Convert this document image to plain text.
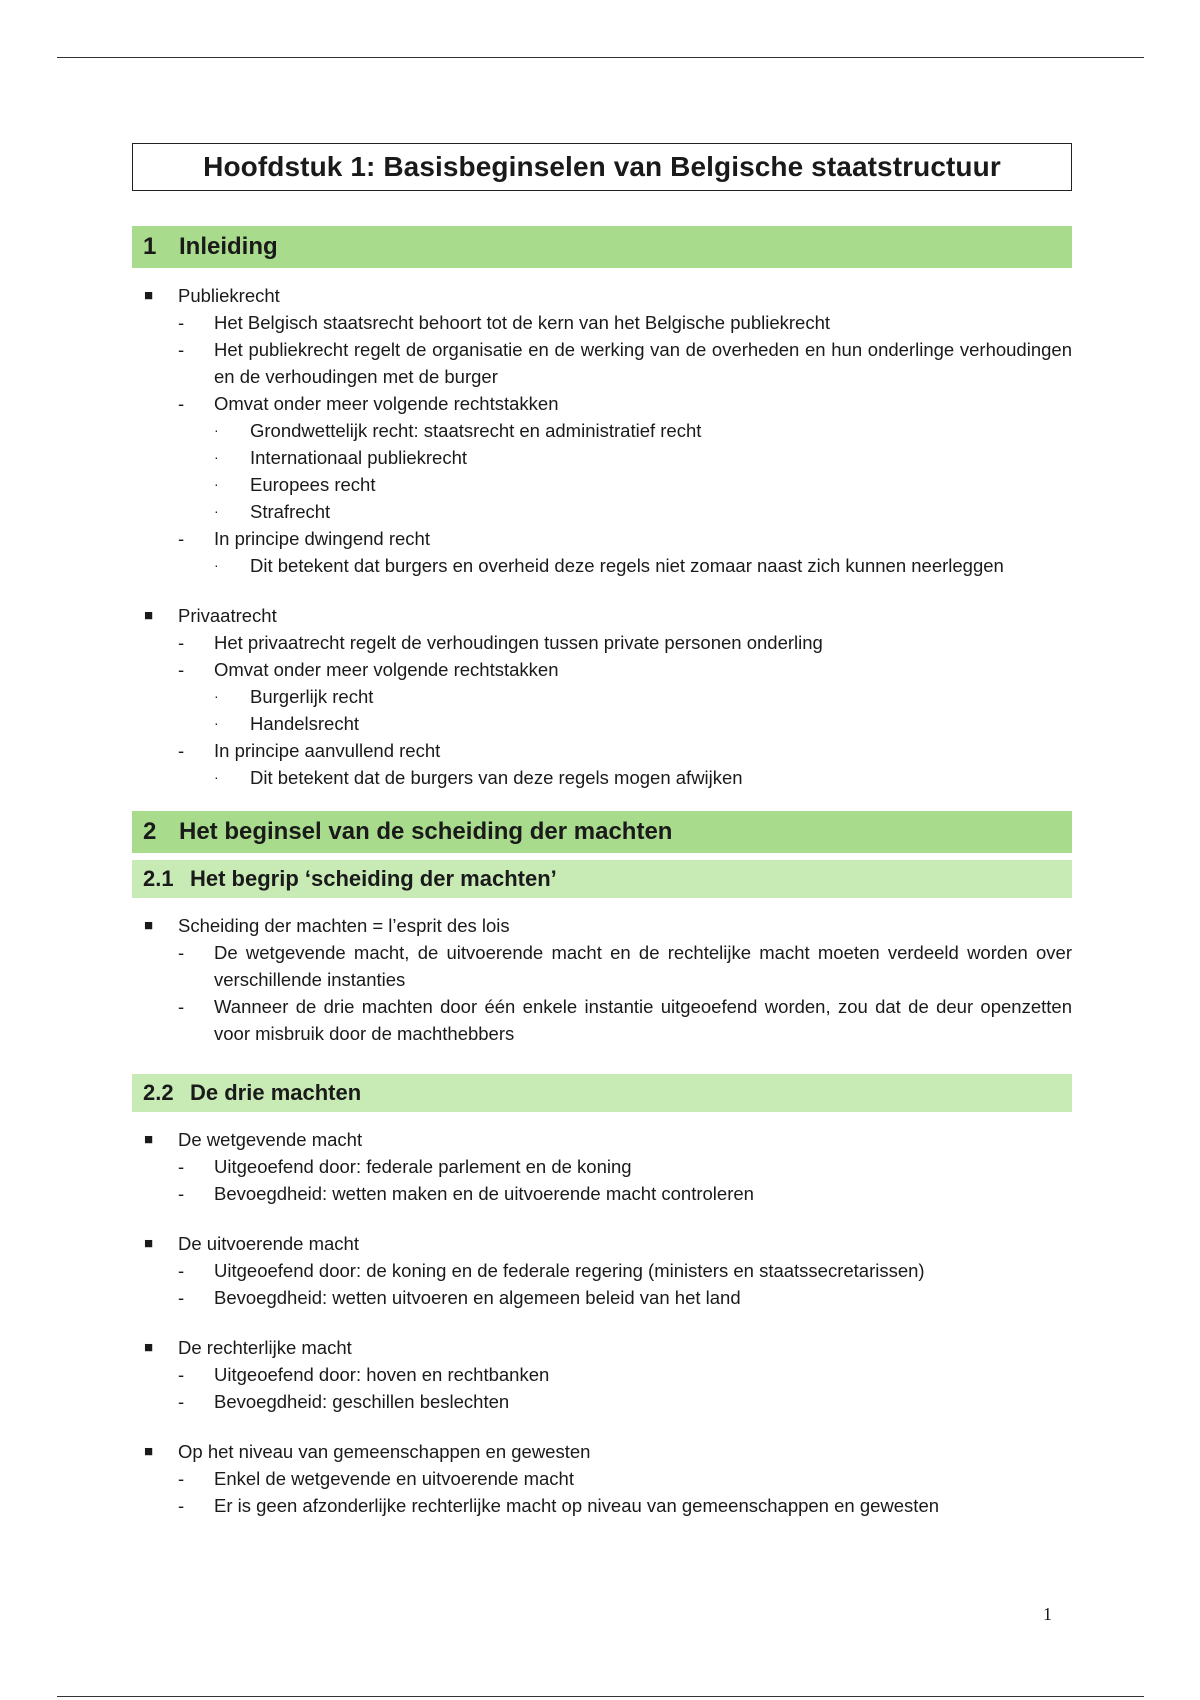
Hoofdstuk 1: Basisbeginselen van Belgische staatstructuur
1 Inleiding
■ Publiekrecht
- Het Belgisch staatsrecht behoort tot de kern van het Belgische publiekrecht
- Het publiekrecht regelt de organisatie en de werking van de overheden en hun onderlinge verhoudingen en de verhoudingen met de burger
- Omvat onder meer volgende rechtstakken
· Grondwettelijk recht: staatsrecht en administratief recht
· Internationaal publiekrecht
· Europees recht
· Strafrecht
- In principe dwingend recht
· Dit betekent dat burgers en overheid deze regels niet zomaar naast zich kunnen neerleggen
■ Privaatrecht
- Het privaatrecht regelt de verhoudingen tussen private personen onderling
- Omvat onder meer volgende rechtstakken
· Burgerlijk recht
· Handelsrecht
- In principe aanvullend recht
· Dit betekent dat de burgers van deze regels mogen afwijken
2 Het beginsel van de scheiding der machten
2.1 Het begrip ‘scheiding der machten’
■ Scheiding der machten = l’esprit des lois
- De wetgevende macht, de uitvoerende macht en de rechtelijke macht moeten verdeeld worden over verschillende instanties
- Wanneer de drie machten door één enkele instantie uitgeoefend worden, zou dat de deur openzetten voor misbruik door de machthebbers
2.2 De drie machten
■ De wetgevende macht
- Uitgeoefend door: federale parlement en de koning
- Bevoegdheid: wetten maken en de uitvoerende macht controleren
■ De uitvoerende macht
- Uitgeoefend door: de koning en de federale regering (ministers en staatssecretarissen)
- Bevoegdheid: wetten uitvoeren en algemeen beleid van het land
■ De rechterlijke macht
- Uitgeoefend door: hoven en rechtbanken
- Bevoegdheid: geschillen beslechten
■ Op het niveau van gemeenschappen en gewesten
- Enkel de wetgevende en uitvoerende macht
- Er is geen afzonderlijke rechterlijke macht op niveau van gemeenschappen en gewesten
1
